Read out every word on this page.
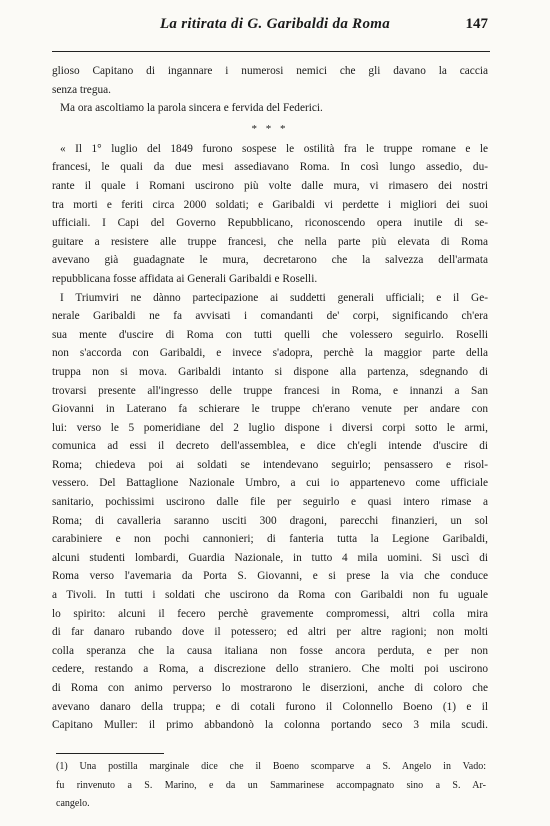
La ritirata di G. Garibaldi da Roma	147
glioso Capitano di ingannare i numerosi nemici che gli davano la caccia
senza tregua.
Ma ora ascoltiamo la parola sincera e fervida del Federici.
* * *
« Il 1° luglio del 1849 furono sospese le ostilità fra le truppe romane e le
francesi, le quali da due mesi assediavano Roma. In così lungo assedio, du-
rante il quale i Romani uscirono più volte dalle mura, vi rimasero dei nostri
tra morti e feriti circa 2000 soldati; e Garibaldi vi perdette i migliori dei suoi
ufficiali. I Capi del Governo Repubblicano, riconoscendo opera inutile di se-
guitare a resistere alle truppe francesi, che nella parte più elevata di Roma
avevano già guadagnate le mura, decretarono che la salvezza dell'armata
repubblicana fosse affidata ai Generali Garibaldi e Roselli.
I Triumviri ne dànno partecipazione ai suddetti generali ufficiali; e il Ge-
nerale Garibaldi ne fa avvisati i comandanti de' corpi, significando ch'era
sua mente d'uscire di Roma con tutti quelli che volessero seguirlo. Roselli
non s'accorda con Garibaldi, e invece s'adopra, perchè la maggior parte della
truppa non si mova. Garibaldi intanto si dispone alla partenza, sdegnando di
trovarsi presente all'ingresso delle truppe francesi in Roma, e innanzi a San
Giovanni in Laterano fa schierare le truppe ch'erano venute per andare con
lui: verso le 5 pomeridiane del 2 luglio dispone i diversi corpi sotto le armi,
comunica ad essi il decreto dell'assemblea, e dice ch'egli intende d'uscire di
Roma; chiedeva poi ai soldati se intendevano seguirlo; pensassero e risol-
vessero. Del Battaglione Nazionale Umbro, a cui io appartenevo come ufficiale
sanitario, pochissimi uscirono dalle file per seguirlo e quasi intero rimase a
Roma; di cavalleria saranno usciti 300 dragoni, parecchi finanzieri, un sol
carabiniere e non pochi cannonieri; di fanteria tutta la Legione Garibaldi,
alcuni studenti lombardi, Guardia Nazionale, in tutto 4 mila uomini. Si uscì di
Roma verso l'avemaria da Porta S. Giovanni, e si prese la via che conduce
a Tivoli. In tutti i soldati che uscirono da Roma con Garibaldi non fu uguale
lo spirito: alcuni il fecero perchè gravemente compromessi, altri colla mira
di far danaro rubando dove il potessero; ed altri per altre ragioni; non molti
colla speranza che la causa italiana non fosse ancora perduta, e per non
cedere, restando a Roma, a discrezione dello straniero. Che molti poi uscirono
di Roma con animo perverso lo mostrarono le diserzioni, anche di coloro che
avevano danaro della truppa; e di cotali furono il Colonnello Boeno (1) e il
Capitano Muller: il primo abbandonò la colonna portando seco 3 mila scudi.
(1) Una postilla marginale dice che il Boeno scomparve a S. Angelo in Vado:
fu rinvenuto a S. Marino, e da un Sammarinese accompagnato sino a S. Ar-
cangelo.
